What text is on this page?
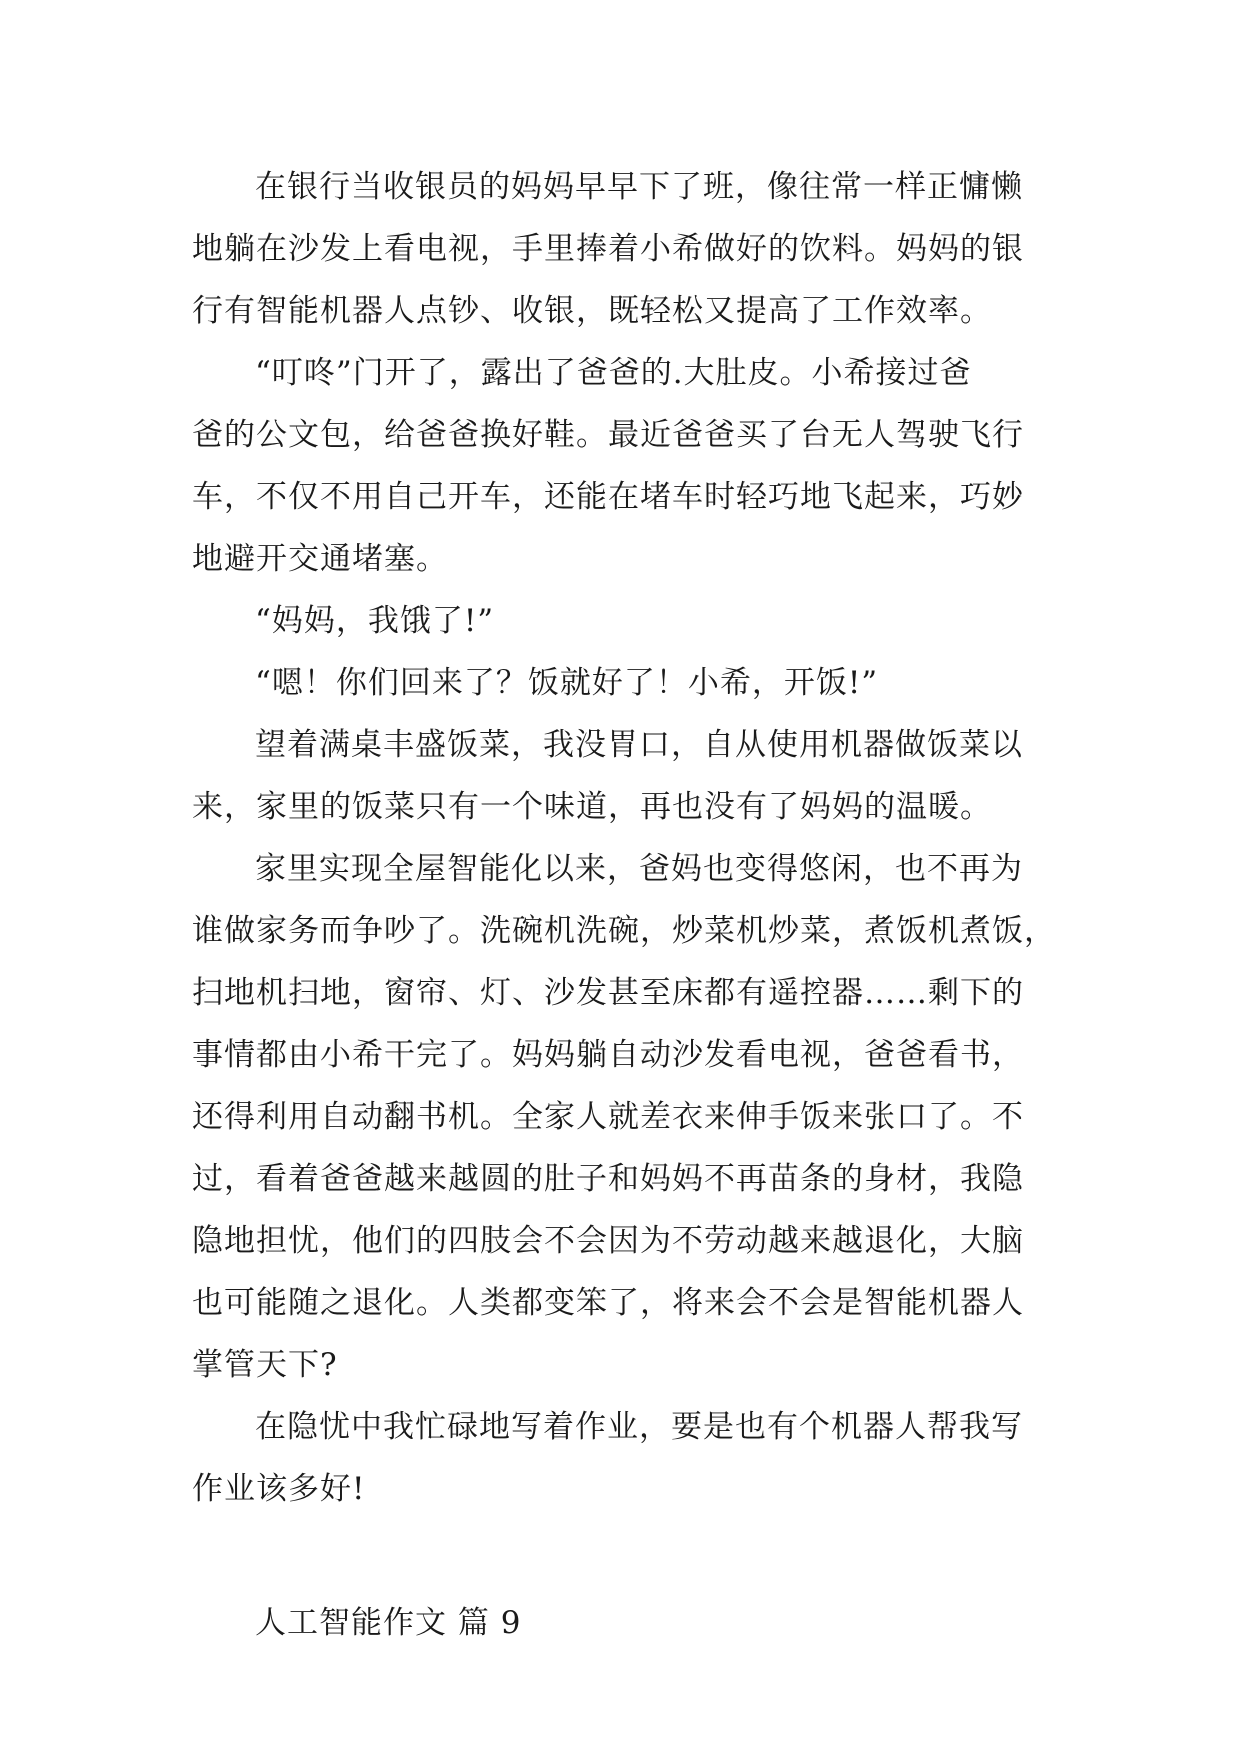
在银行当收银员的妈妈早早下了班，像往常一样正慵懒
地躺在沙发上看电视，手里捧着小希做好的饮料。妈妈的银
行有智能机器人点钞、收银，既轻松又提高了工作效率。
“叮咚”门开了，露出了爸爸的.大肚皮。小希接过爸
爸的公文包，给爸爸换好鞋。最近爸爸买了台无人驾驶飞行
车，不仅不用自己开车，还能在堵车时轻巧地飞起来，巧妙
地避开交通堵塞。
“妈妈，我饿了!”
“嗯！你们回来了？饭就好了！小希，开饭!”
望着满桌丰盛饭菜，我没胃口，自从使用机器做饭菜以
来，家里的饭菜只有一个味道，再也没有了妈妈的温暖。
家里实现全屋智能化以来，爸妈也变得悠闲，也不再为
谁做家务而争吵了。洗碗机洗碗，炒菜机炒菜，煮饭机煮饭，
扫地机扫地，窗帘、灯、沙发甚至床都有遥控器……剩下的
事情都由小希干完了。妈妈躺自动沙发看电视，爸爸看书，
还得利用自动翻书机。全家人就差衣来伸手饭来张口了。不
过，看着爸爸越来越圆的肚子和妈妈不再苗条的身材，我隐
隐地担忧，他们的四肢会不会因为不劳动越来越退化，大脑
也可能随之退化。人类都变笨了，将来会不会是智能机器人
掌管天下?
在隐忧中我忙碌地写着作业，要是也有个机器人帮我写
作业该多好!
人工智能作文 篇 9
